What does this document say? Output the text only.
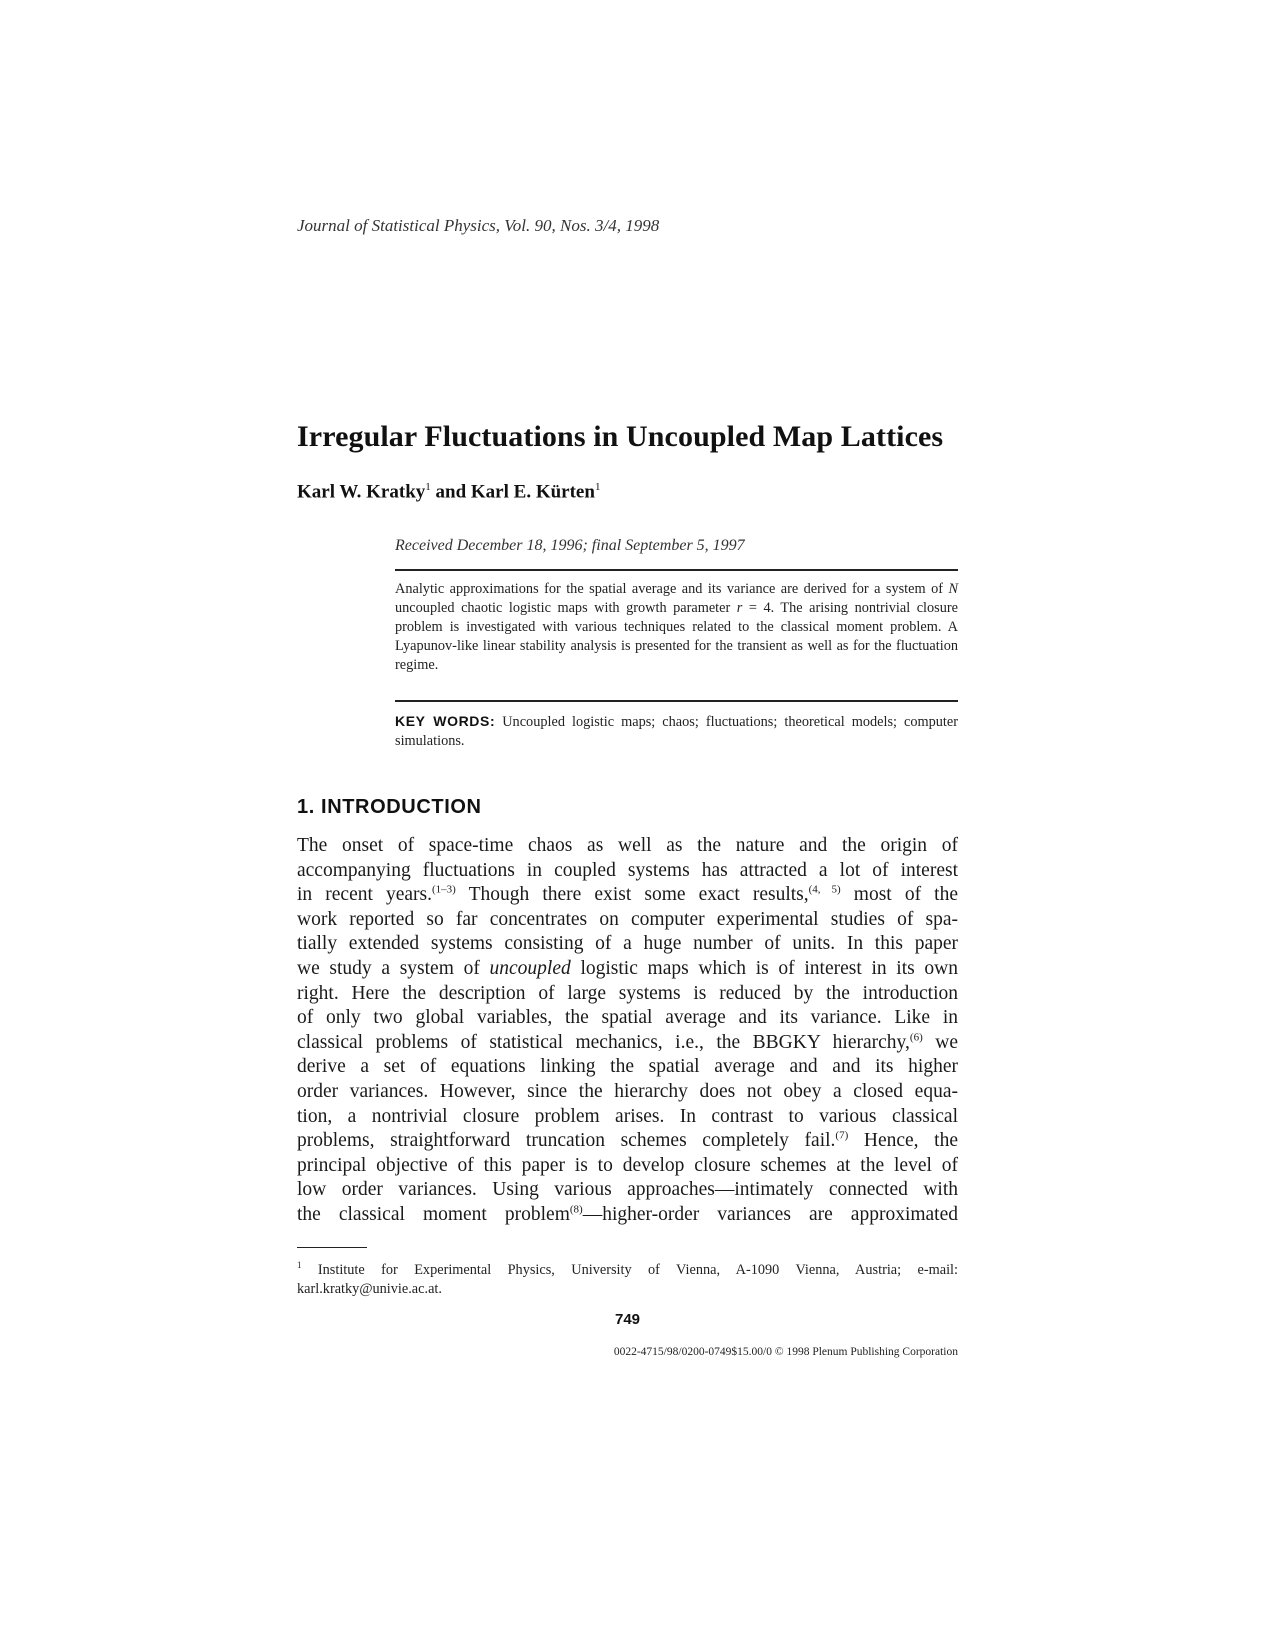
Journal of Statistical Physics, Vol. 90, Nos. 3/4, 1998
Irregular Fluctuations in Uncoupled Map Lattices
Karl W. Kratky$^1$ and Karl E. Kürten$^1$
Received December 18, 1996; final September 5, 1997
Analytic approximations for the spatial average and its variance are derived for a system of N uncoupled chaotic logistic maps with growth parameter r = 4. The arising nontrivial closure problem is investigated with various techniques related to the classical moment problem. A Lyapunov-like linear stability analysis is presented for the transient as well as for the fluctuation regime.
KEY WORDS: Uncoupled logistic maps; chaos; fluctuations; theoretical models; computer simulations.
1. INTRODUCTION
The onset of space-time chaos as well as the nature and the origin of
accompanying fluctuations in coupled systems has attracted a lot of interest
in recent years.$^{(1-3)}$ Though there exist some exact results,$^{(4, 5)}$ most of the
work reported so far concentrates on computer experimental studies of spa-
tially extended systems consisting of a huge number of units. In this paper
we study a system of uncoupled logistic maps which is of interest in its own
right. Here the description of large systems is reduced by the introduction
of only two global variables, the spatial average and its variance. Like in
classical problems of statistical mechanics, i.e., the BBGKY hierarchy,$^{(6)}$ we
derive a set of equations linking the spatial average and and its higher
order variances. However, since the hierarchy does not obey a closed equa-
tion, a nontrivial closure problem arises. In contrast to various classical
problems, straightforward truncation schemes completely fail.$^{(7)}$ Hence, the
principal objective of this paper is to develop closure schemes at the level of
low order variances. Using various approaches—intimately connected with
the classical moment problem$^{(8)}$—higher-order variances are approximated
$^1$ Institute for Experimental Physics, University of Vienna, A-1090 Vienna, Austria; e-mail: karl.kratky@univie.ac.at.
749
0022-4715/98/0200-0749$15.00/0 © 1998 Plenum Publishing Corporation
